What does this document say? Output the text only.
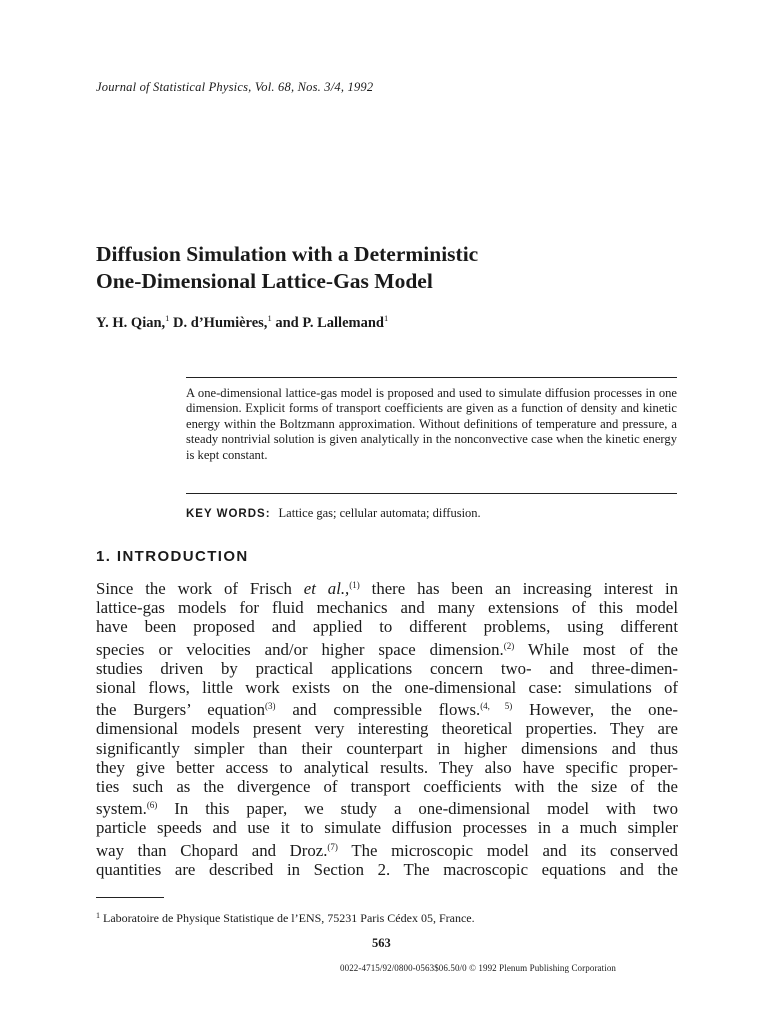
Journal of Statistical Physics, Vol. 68, Nos. 3/4, 1992
Diffusion Simulation with a Deterministic
One-Dimensional Lattice-Gas Model
Y. H. Qian,$^1$ D. d’Humières,$^1$ and P. Lallemand$^1$

A one-dimensional lattice-gas model is proposed and used to simulate diffusion processes in one dimension. Explicit forms of transport coefficients are given as a function of density and kinetic energy within the Boltzmann approximation. Without definitions of temperature and pressure, a steady nontrivial solution is given analytically in the nonconvective case when the kinetic energy is kept constant.

KEY WORDS: Lattice gas; cellular automata; diffusion.
1. INTRODUCTION
Since the work of Frisch et al.,$^{(1)}$ there has been an increasing interest in
lattice-gas models for fluid mechanics and many extensions of this model
have been proposed and applied to different problems, using different
species or velocities and/or higher space dimension.$^{(2)}$ While most of the
studies driven by practical applications concern two- and three-dimen-
sional flows, little work exists on the one-dimensional case: simulations of
the Burgers’ equation$^{(3)}$ and compressible flows.$^{(4, 5)}$ However, the one-
dimensional models present very interesting theoretical properties. They are
significantly simpler than their counterpart in higher dimensions and thus
they give better access to analytical results. They also have specific proper-
ties such as the divergence of transport coefficients with the size of the
system.$^{(6)}$ In this paper, we study a one-dimensional model with two
particle speeds and use it to simulate diffusion processes in a much simpler
way than Chopard and Droz.$^{(7)}$ The microscopic model and its conserved
quantities are described in Section 2. The macroscopic equations and the
$^1$ Laboratoire de Physique Statistique de l’ENS, 75231 Paris Cédex 05, France.
563
0022-4715/92/0800-0563$06.50/0 © 1992 Plenum Publishing Corporation
